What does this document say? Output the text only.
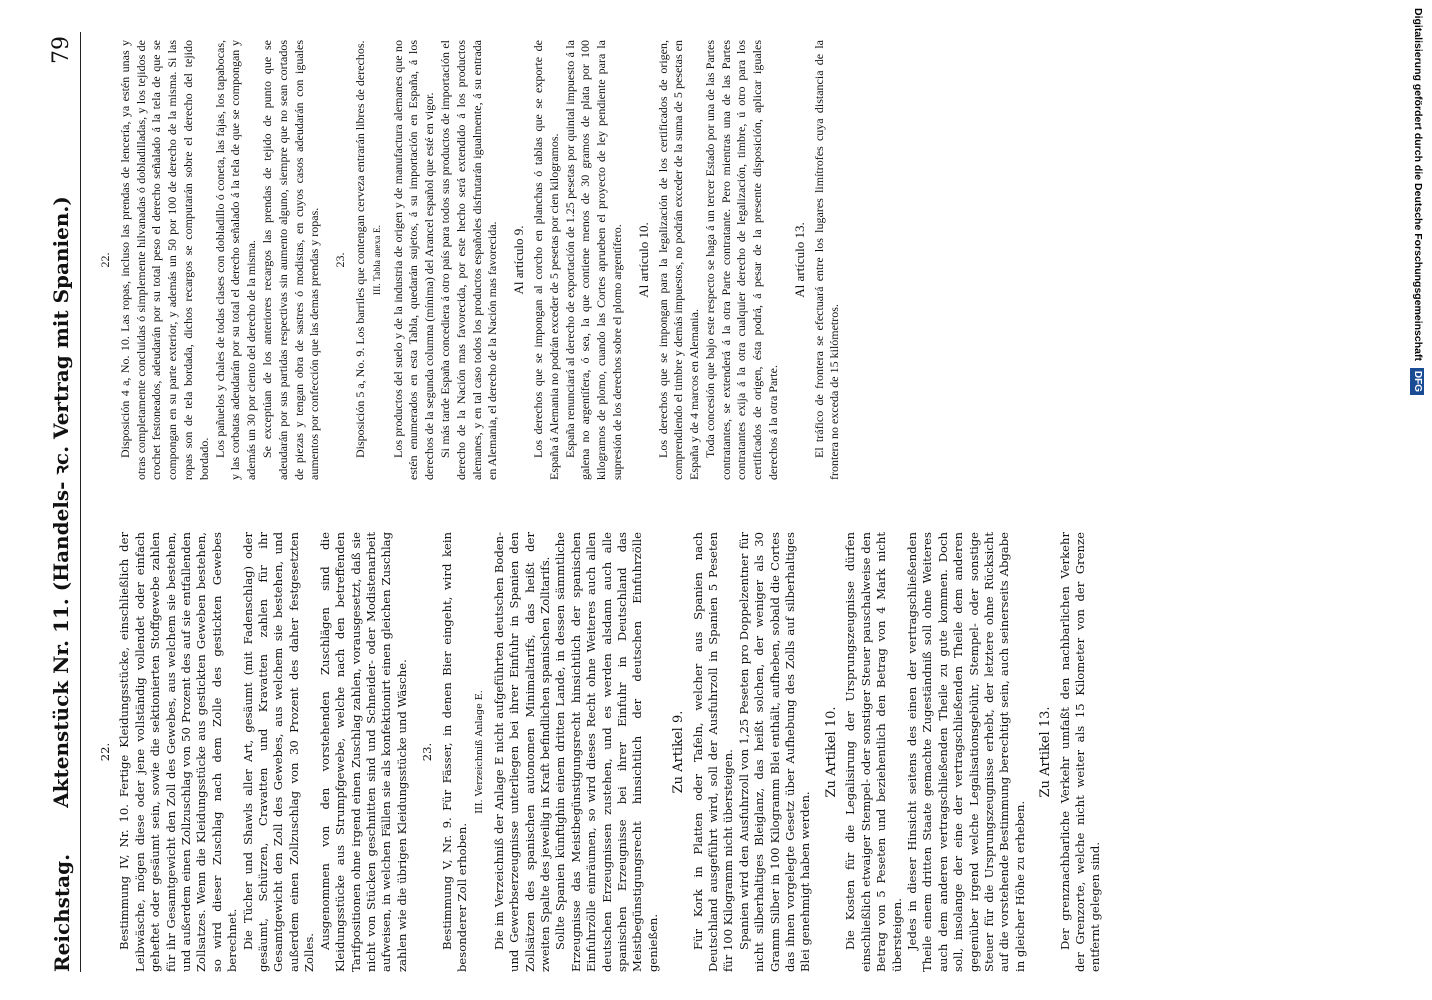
Reichstag.
Aktenstück Nr. 11. (Handels- ꝛc. Vertrag mit Spanien.)
79
22. Bestimmung IV, Nr. 10. Fertige Kleidungsstücke, einschließlich der Leibwäsche, mögen diese oder jene vollständig vollendet oder einfach geheftet oder gesäumt sein, sowie die sektionierten Stoffgewebe zahlen für ihr Gesamtgewicht den Zoll des Gewebes, aus welchem sie bestehen, und außerdem einen Zollzuschlag von 50 Prozent des auf sie entfallenden Zollsatzes. Wenn die Kleidungsstücke aus gestickten Geweben bestehen, so wird dieser Zuschlag nach dem Zolle des gestickten Gewebes berechnet. Die Tücher und Shawls aller Art, gesäumt (mit Fadenschlag) oder gesäumt, Schürzen, Cravatten und Kravatten zahlen für ihr Gesamtgewicht den Zoll des Gewebes, aus welchem sie bestehen, und außerdem einen Zollzuschlag von 30 Prozent des daher festgesetzten Zolles.

Ausgenommen von den vorstehenden Zuschlägen sind die Kleidungsstücke aus Strumpfgewebe, welche nach den betreffenden Tarifpositionen ohne irgend einen Zuschlag zahlen, vorausgesetzt, daß sie nicht von Stücken geschnitten sind und Schneider- oder Modistenarbeit aufweisen, in welchen Fällen sie als konfektionirt einen gleichen Zuschlag zahlen wie die übrigen Kleidungsstücke und Wäsche. 23. Bestimmung V, Nr. 9. Für Fässer, in denen Bier eingeht, wird kein besonderer Zoll erhoben.

III. Verzeichniß Anlage E. Die im Verzeichniß der Anlage E nicht aufgeführten deutschen Boden- und Gewerbserzeugnisse unterliegen bei ihrer Einfuhr in Spanien den Zollsätzen des spanischen autonomen Minimaltarifs, das heißt der zweiten Spalte des jeweilig in Kraft befindlichen spanischen Zolltarifs. Sollte Spanien künftighin einem dritten Lande, in dessen sämmtliche Erzeugnisse das Meistbegünstigungsrecht hinsichtlich der spanischen Einfuhrzölle einräumen, so wird dieses Recht ohne Weiteres auch allen deutschen Erzeugnissen zustehen, und es werden alsdann auch alle spanischen Erzeugnisse bei ihrer Einfuhr in Deutschland das Meistbegünstigungsrecht hinsichtlich der deutschen Einfuhrzölle genießen.

Zu Artikel 9. Für Kork in Platten oder Tafeln, welcher aus Spanien nach Deutschland ausgeführt wird, soll der Ausfuhrzoll in Spanien 5 Peseten für 100 Kilogramm nicht übersteigen. Spanien wird den Ausfuhrzoll von 1,25 Peseten pro Doppelzentner für nicht silberhaltiges Bleiglanz, das heißt solchen, der weniger als 30 Gramm Silber in 100 Kilogramm Blei enthält, aufheben, sobald die Cortes das ihnen vorgelegte Gesetz über Aufhebung des Zolls auf silberhaltiges Blei genehmigt haben werden.

Zu Artikel 10. Die Kosten für die Legalisirung der Ursprungszeugnisse dürfen einschließlich etwaiger Stempel- oder sonstiger Steuer pauschalweise den Betrag von 5 Peseten und beziehentlich den Betrag von 4 Mark nicht übersteigen. Jedes in dieser Hinsicht seitens des einen der vertragschließenden Theile einem dritten Staate gemachte Zugeständniß soll ohne Weiteres auch dem anderen vertragschließenden Theile zu gute kommen. Doch soll, insolange der eine der vertragschließenden Theile dem anderen gegenüber irgend welche Legalisationsgebühr, Stempel- oder sonstige Steuer für die Ursprungszeugnisse erhebt, der letztere ohne Rücksicht auf die vorstehende Bestimmung berechtigt sein, auch seinerseits Abgabe in gleicher Höhe zu erheben.

Zu Artikel 13. Der grenznachbarliche Verkehr umfaßt den nachbarlichen Verkehr der Grenzorte, welche nicht weiter als 15 Kilometer von der Grenze entfernt gelegen sind.

22. Disposición 4 a, No. 10. Las ropas, incluso las prendas de lencería, ya estén unas y otras completamente concluidas ó simplemente hilvanadas ó dobladilladas, y los tejidos de crochet festoneados, adeudarán por su total peso el derecho señalado á la tela de que se compongan en su parte exterior, y además un 50 por 100 de derecho de la misma. Si las ropas son de tela bordada, dichos recargos se computarán sobre el derecho del tejido bordado.

Los pañuelos y chales de todas clases con dobladillo ó coneta, las fajas, los tapabocas, y las corbatas adeudarán por su total el derecho señalado á la tela de que se compongan y además un 30 por ciento del derecho de la misma. Se exceptúan de los anteriores recargos las prendas de tejido de punto que se adeudarán por sus partidas respectivas sin aumento alguno, siempre que no sean cortados de piezas y tengan obra de sastres ó modistas, en cuyos casos adeudarán con iguales aumentos por confección que las demas prendas y ropas. 23. Disposición 5 a, No. 9. Los barriles que contengan cerveza entrarán libres de derechos. III. Tabla anexa E. Los productos del suelo y de la industria de origen y de manufactura alemanes que no estén enumerados en esta Tabla, quedarán sujetos, á su importación en España, á los derechos de la segunda columna (mínima) del Arancel español que esté en vigor. Si más tarde España concediera á otro país para todos sus productos de importación el derecho de la Nación mas favorecida, por este hecho será extendido á los productos alemanes, y en tal caso todos los productos españoles disfrutarán igualmente, á su entrada en Alemania, el derecho de la Nación mas favorecida. Al artículo 9. Los derechos que se impongan al corcho en planchas ó tablas que se exporte de España á Alemania no podrán exceder de 5 pesetas por cien kilogramos. España renunciará al derecho de exportación de 1.25 pesetas por quintal impuesto á la galena no argentífera, ó sea, la que contiene menos de 30 gramos de plata por 100 kilogramos de plomo, cuando las Cortes aprueben el proyecto de ley pendiente para la supresión de los derechos sobre el plomo argentífero. Al artículo 10. Los derechos que se impongan para la legalización de los certificados de origen, comprendiendo el timbre y demás impuestos, no podrán exceder de la suma de 5 pesetas en España y de 4 marcos en Alemania. Toda concesión que bajo este respecto se haga á un tercer Estado por una de las Partes contratantes, se extenderá á la otra Parte contratante. Pero mientras una de las Partes contratantes exija á la otra cualquier derecho de legalización, timbre, ú otro para los certificados de origen, ésta podrá, á pesar de la presente disposición, aplicar iguales derechos á la otra Parte.

Al artículo 13. El tráfico de frontera se efectuará entre los lugares limítrofes cuya distancia de la frontera no exceda de 15 kilómetros.

Digitalisierung gefördert durch die Deutsche Forschungsgemeinschaft DFG
